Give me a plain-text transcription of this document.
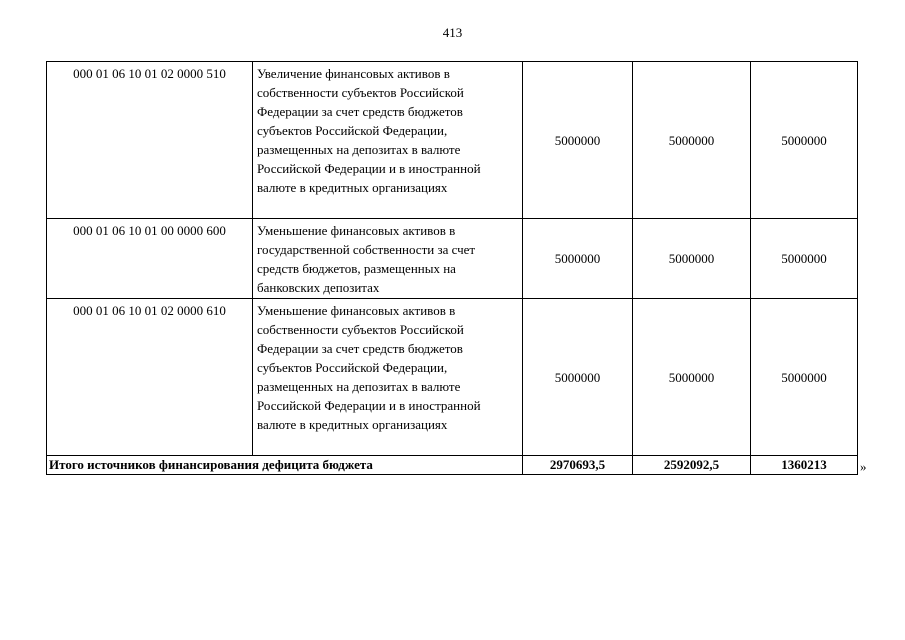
413
000 01 06 10 01 02 0000 510	Увеличение финансовых активов в собственности субъектов Российской Федерации за счет средств бюджетов субъектов Российской Федерации, размещенных на депозитах в валюте Российской Федерации и в иностранной валюте в кредитных организациях	5000000	5000000	5000000
000 01 06 10 01 00 0000 600	Уменьшение финансовых активов в государственной собственности за счет средств бюджетов, размещенных на банковских депозитах	5000000	5000000	5000000
000 01 06 10 01 02 0000 610	Уменьшение финансовых активов в собственности субъектов Российской Федерации за счет средств бюджетов субъектов Российской Федерации, размещенных на депозитах в валюте Российской Федерации и в иностранной валюте в кредитных организациях	5000000	5000000	5000000
Итого источников финансирования дефицита бюджета		2970693,5	2592092,5	1360213	»
